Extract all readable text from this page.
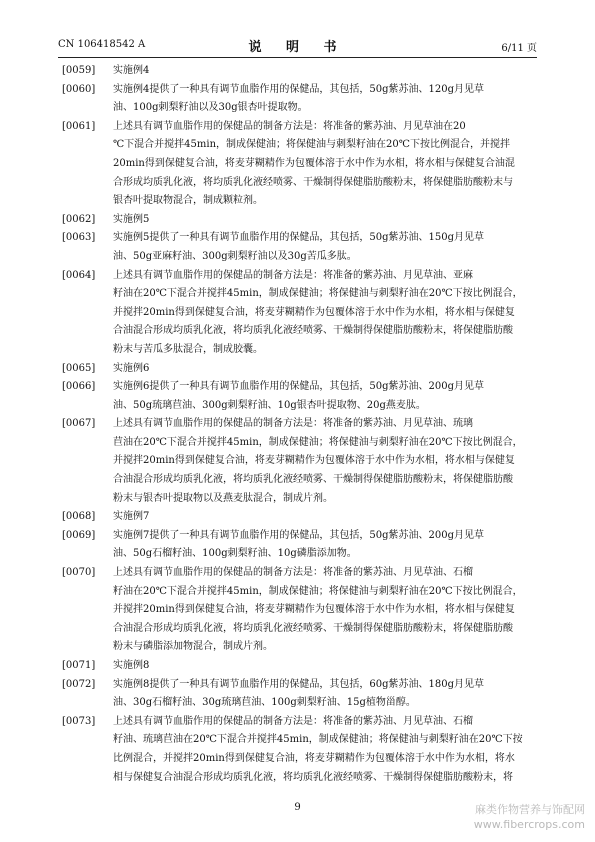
CN 106418542 A	说 明 书	6/11 页
[0059] 实施例4
[0060] 实施例4提供了一种具有调节血脂作用的保健品，其包括，50g紫苏油、120g月见草
油、100g刺梨籽油以及30g银杏叶提取物。
[0061] 上述具有调节血脂作用的保健品的制备方法是：将准备的紫苏油、月见草油在20
℃下混合并搅拌45min，制成保健油；将保健油与刺梨籽油在20℃下按比例混合，并搅拌
20min得到保健复合油，将麦芽糊精作为包覆体溶于水中作为水相，将水相与保健复合油混
合形成均质乳化液，将均质乳化液经喷雾、干燥制得保健脂肪酸粉末，将保健脂肪酸粉末与
银杏叶提取物混合，制成颗粒剂。
[0062] 实施例5
[0063] 实施例5提供了一种具有调节血脂作用的保健品，其包括，50g紫苏油、150g月见草
油、50g亚麻籽油、300g刺梨籽油以及30g苦瓜多肽。
[0064] 上述具有调节血脂作用的保健品的制备方法是：将准备的紫苏油、月见草油、亚麻
籽油在20℃下混合并搅拌45min，制成保健油；将保健油与刺梨籽油在20℃下按比例混合，
并搅拌20min得到保健复合油，将麦芽糊精作为包覆体溶于水中作为水相，将水相与保健复
合油混合形成均质乳化液，将均质乳化液经喷雾、干燥制得保健脂肪酸粉末，将保健脂肪酸
粉末与苦瓜多肽混合，制成胶囊。
[0065] 实施例6
[0066] 实施例6提供了一种具有调节血脂作用的保健品，其包括，50g紫苏油、200g月见草
油、50g琉璃苣油、300g刺梨籽油、10g银杏叶提取物、20g燕麦肽。
[0067] 上述具有调节血脂作用的保健品的制备方法是：将准备的紫苏油、月见草油、琉璃
苣油在20℃下混合并搅拌45min，制成保健油；将保健油与刺梨籽油在20℃下按比例混合，
并搅拌20min得到保健复合油，将麦芽糊精作为包覆体溶于水中作为水相，将水相与保健复
合油混合形成均质乳化液，将均质乳化液经喷雾、干燥制得保健脂肪酸粉末，将保健脂肪酸
粉末与银杏叶提取物以及燕麦肽混合，制成片剂。
[0068] 实施例7
[0069] 实施例7提供了一种具有调节血脂作用的保健品，其包括，50g紫苏油、200g月见草
油、50g石榴籽油、100g刺梨籽油、10g磷脂添加物。
[0070] 上述具有调节血脂作用的保健品的制备方法是：将准备的紫苏油、月见草油、石榴
籽油在20℃下混合并搅拌45min，制成保健油；将保健油与刺梨籽油在20℃下按比例混合，
并搅拌20min得到保健复合油，将麦芽糊精作为包覆体溶于水中作为水相，将水相与保健复
合油混合形成均质乳化液，将均质乳化液经喷雾、干燥制得保健脂肪酸粉末，将保健脂肪酸
粉末与磷脂添加物混合，制成片剂。
[0071] 实施例8
[0072] 实施例8提供了一种具有调节血脂作用的保健品，其包括，60g紫苏油、180g月见草
油、30g石榴籽油、30g琉璃苣油、100g刺梨籽油、15g植物甾醇。
[0073] 上述具有调节血脂作用的保健品的制备方法是：将准备的紫苏油、月见草油、石榴
籽油、琉璃苣油在20℃下混合并搅拌45min，制成保健油；将保健油与刺梨籽油在20℃下按
比例混合，并搅拌20min得到保健复合油，将麦芽糊精作为包覆体溶于水中作为水相，将水
相与保健复合油混合形成均质乳化液，将均质乳化液经喷雾、干燥制得保健脂肪酸粉末，将
9	麻类作物营养与饰配网
www.fibercrops.com
